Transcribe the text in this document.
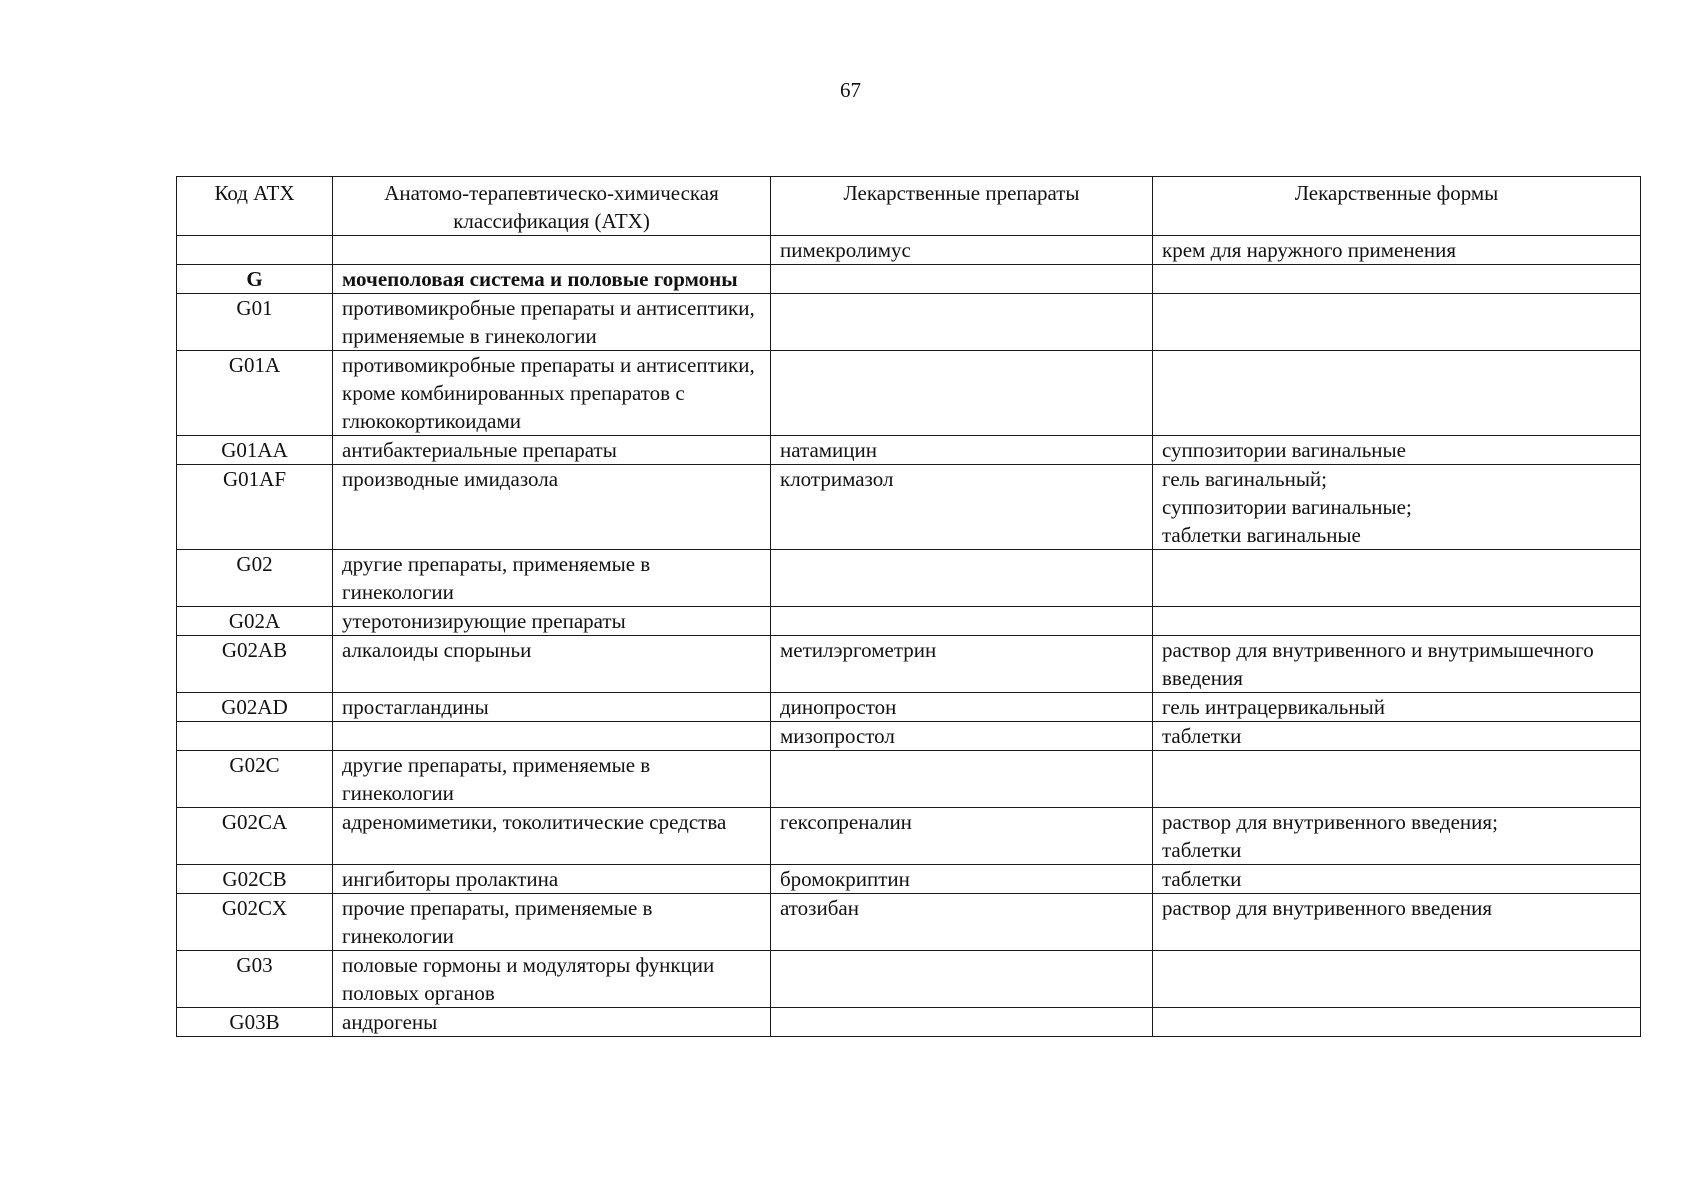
67
Код АТХ	Анатомо-терапевтическо-химическая классификация (АТХ)	Лекарственные препараты	Лекарственные формы
		пимекролимус	крем для наружного применения

G	мочеполовая система и половые гормоны		

G01	противомикробные препараты и антисептики, применяемые в гинекологии		

G01A	противомикробные препараты и антисептики, кроме комбинированных препаратов с глюкокортикоидами		

G01AA	антибактериальные препараты	натамицин	суппозитории вагинальные

G01AF	производные имидазола	клотримазол	гель вагинальный;
суппозитории вагинальные;
таблетки вагинальные

G02	другие препараты, применяемые в гинекологии		

G02A	утеротонизирующие препараты		

G02AB	алкалоиды спорыньи	метилэргометрин	раствор для внутривенного и внутримышечного введения

G02AD	простагландины	динопростон	гель интрацервикальный

		мизопростол	таблетки

G02C	другие препараты, применяемые в гинекологии		

G02CA	адреномиметики, токолитические средства	гексопреналин	раствор для внутривенного введения;
таблетки

G02CB	ингибиторы пролактина	бромокриптин	таблетки

G02CX	прочие препараты, применяемые в гинекологии	атозибан	раствор для внутривенного введения

G03	половые гормоны и модуляторы функции половых органов		

G03B	андрогены		
